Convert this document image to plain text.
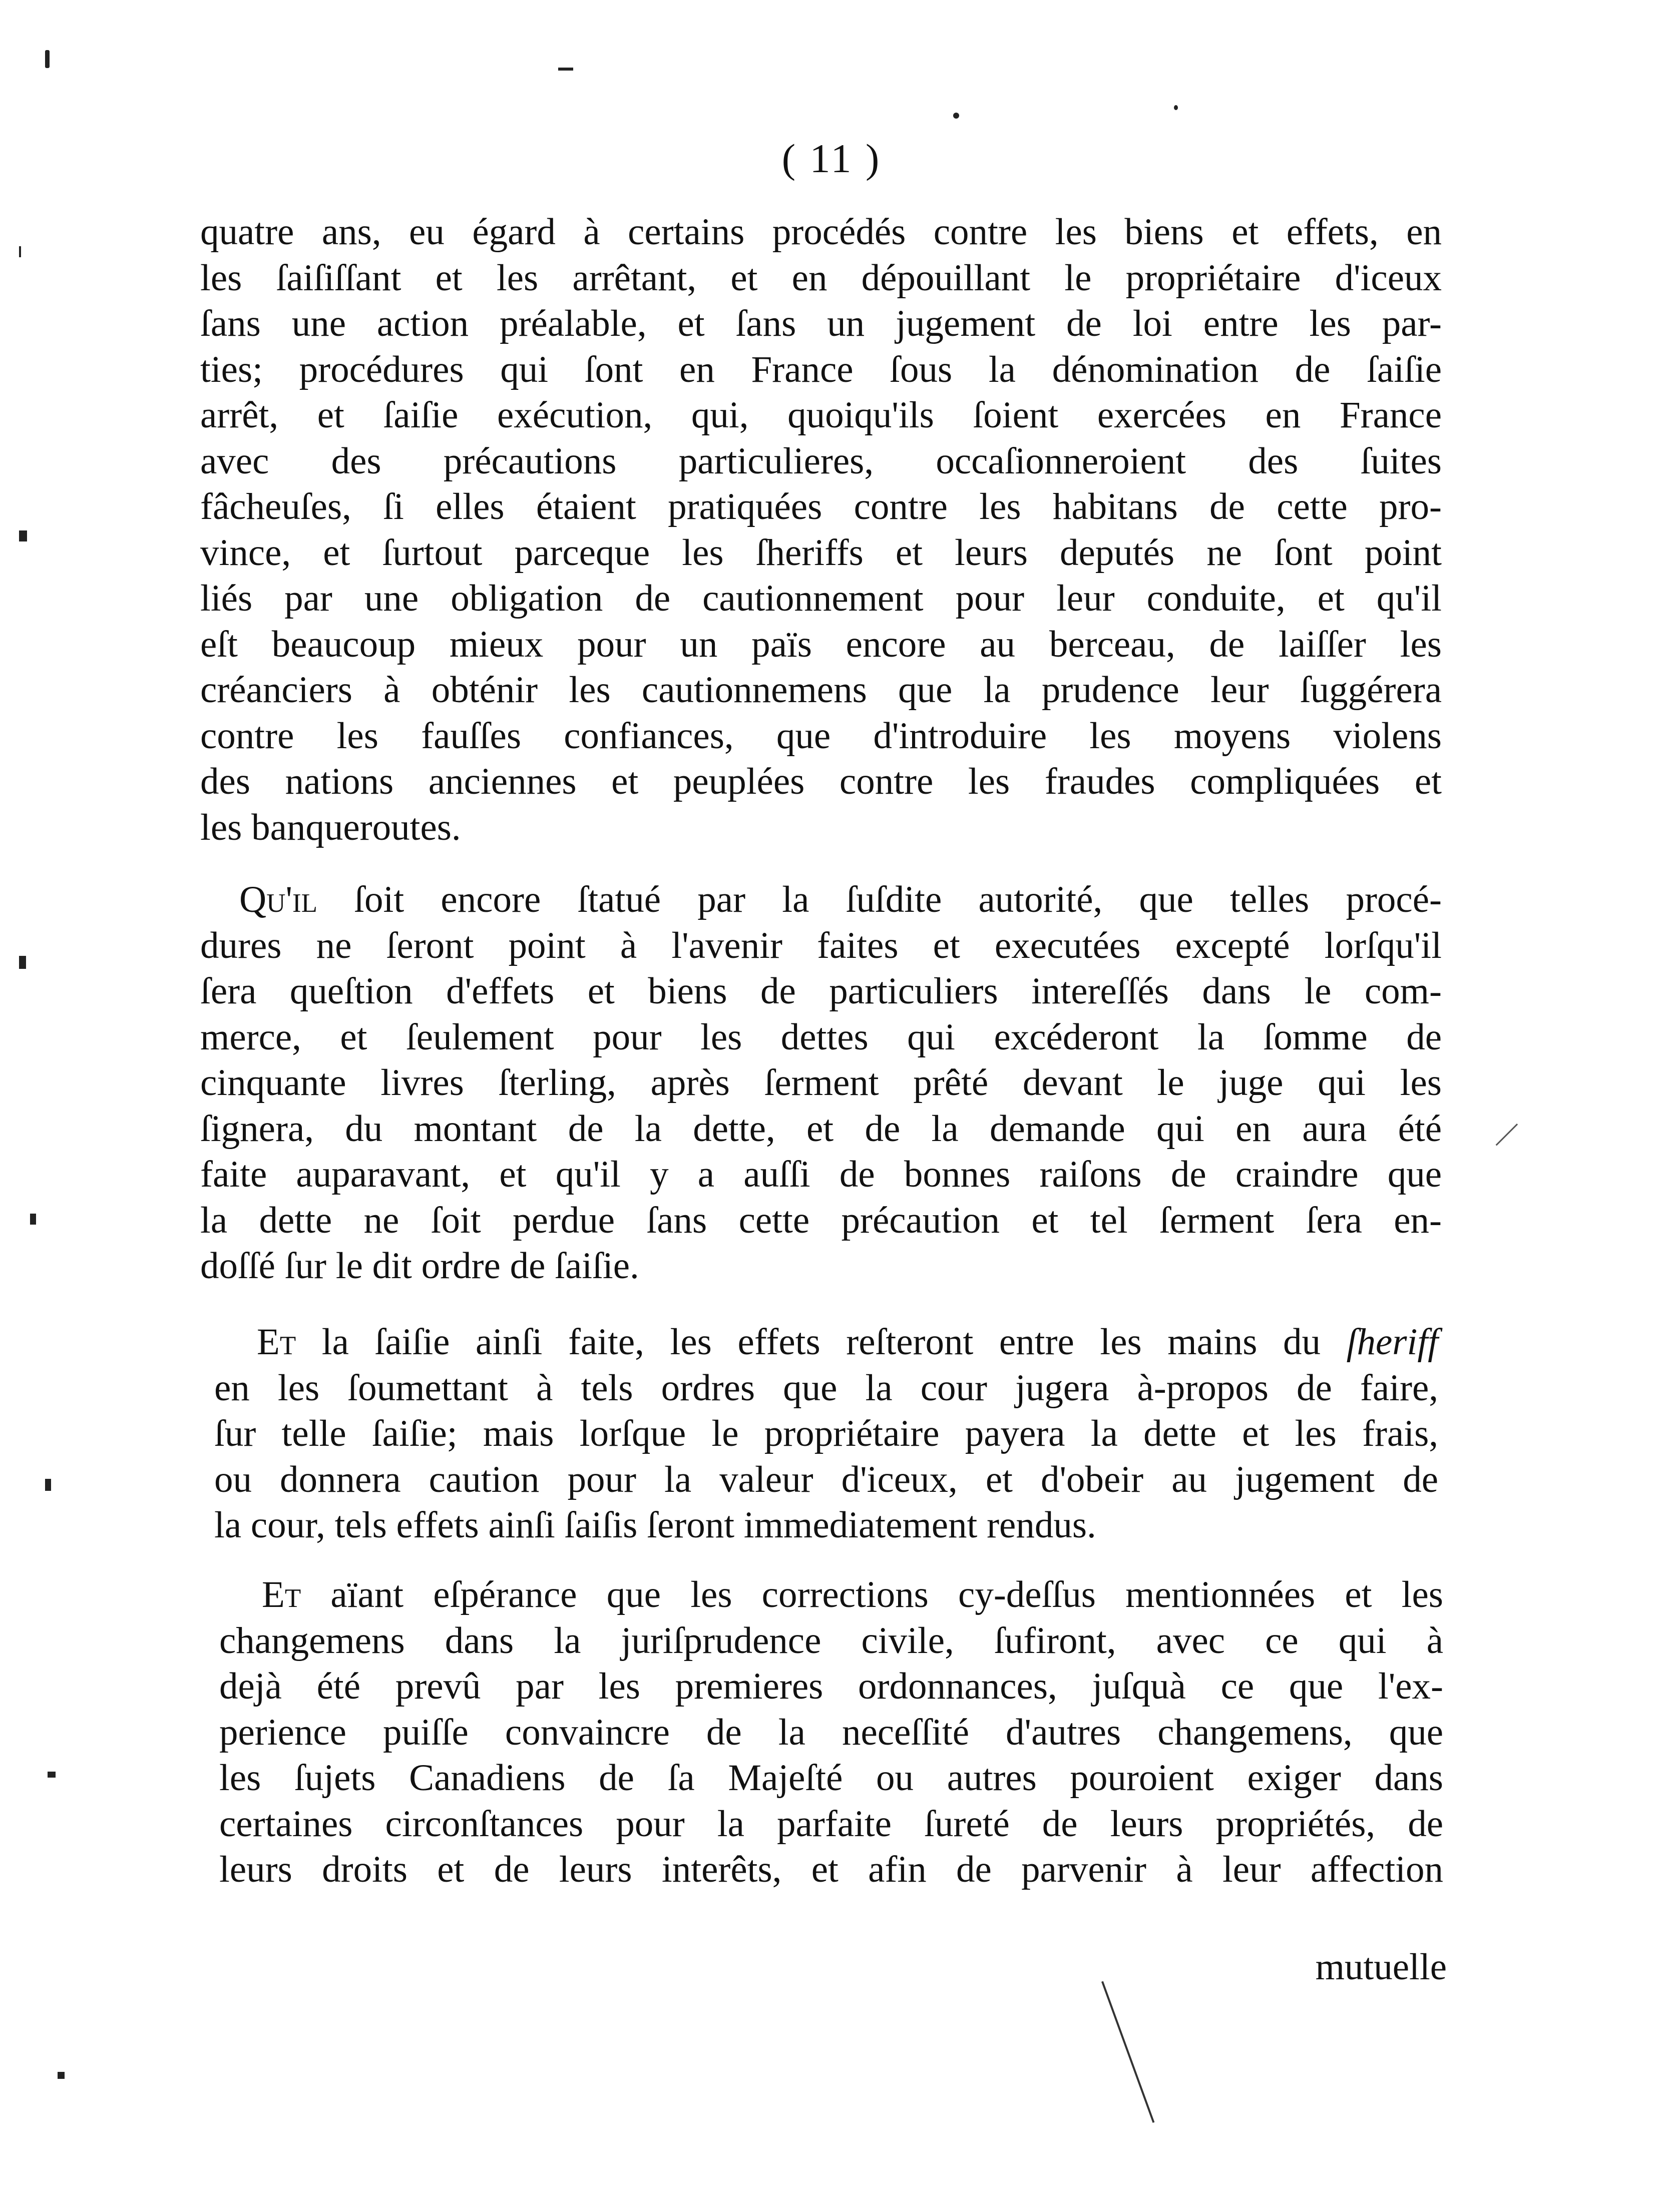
( 11 )
quatre ans, eu égard à certains procédés contre les biens et effets, en
les ſaiſiſſant et les arrêtant, et en dépouillant le propriétaire d'iceux
ſans une action préalable, et ſans un jugement de loi entre les par-
ties; procédures qui ſont en France ſous la dénomination de ſaiſie
arrêt, et ſaiſie exécution, qui, quoiqu'ils ſoient exercées en France
avec des précautions particulieres, occaſionneroient des ſuites
fâcheuſes, ſi elles étaient pratiquées contre les habitans de cette pro-
vince, et ſurtout parceque les ſheriffs et leurs deputés ne ſont point
liés par une obligation de cautionnement pour leur conduite, et qu'il
eſt beaucoup mieux pour un païs encore au berceau, de laiſſer les
créanciers à obténir les cautionnemens que la prudence leur ſuggérera
contre les fauſſes confiances, que d'introduire les moyens violens
des nations anciennes et peuplées contre les fraudes compliquées et
les banqueroutes.
Qu'il ſoit encore ſtatué par la ſuſdite autorité, que telles procé-
dures ne ſeront point à l'avenir faites et executées excepté lorſqu'il
ſera queſtion d'effets et biens de particuliers intereſſés dans le com-
merce, et ſeulement pour les dettes qui excéderont la ſomme de
cinquante livres ſterling, après ſerment prêté devant le juge qui les
ſignera, du montant de la dette, et de la demande qui en aura été
faite auparavant, et qu'il y a auſſi de bonnes raiſons de craindre que
la dette ne ſoit perdue ſans cette précaution et tel ſerment ſera en-
doſſé ſur le dit ordre de ſaiſie.
Et la ſaiſie ainſi faite, les effets reſteront entre les mains du ſheriff
en les ſoumettant à tels ordres que la cour jugera à-propos de faire,
ſur telle ſaiſie; mais lorſque le propriétaire payera la dette et les frais,
ou donnera caution pour la valeur d'iceux, et d'obeir au jugement de
la cour, tels effets ainſi ſaiſis ſeront immediatement rendus.
Et aïant eſpérance que les corrections cy-deſſus mentionnées et les
changemens dans la juriſprudence civile, ſufiront, avec ce qui à
dejà été prevû par les premieres ordonnances, juſquà ce que l'ex-
perience puiſſe convaincre de la neceſſité d'autres changemens, que
les ſujets Canadiens de ſa Majeſté ou autres pouroient exiger dans
certaines circonſtances pour la parfaite ſureté de leurs propriétés, de
leurs droits et de leurs interêts, et afin de parvenir à leur affection
mutuelle
